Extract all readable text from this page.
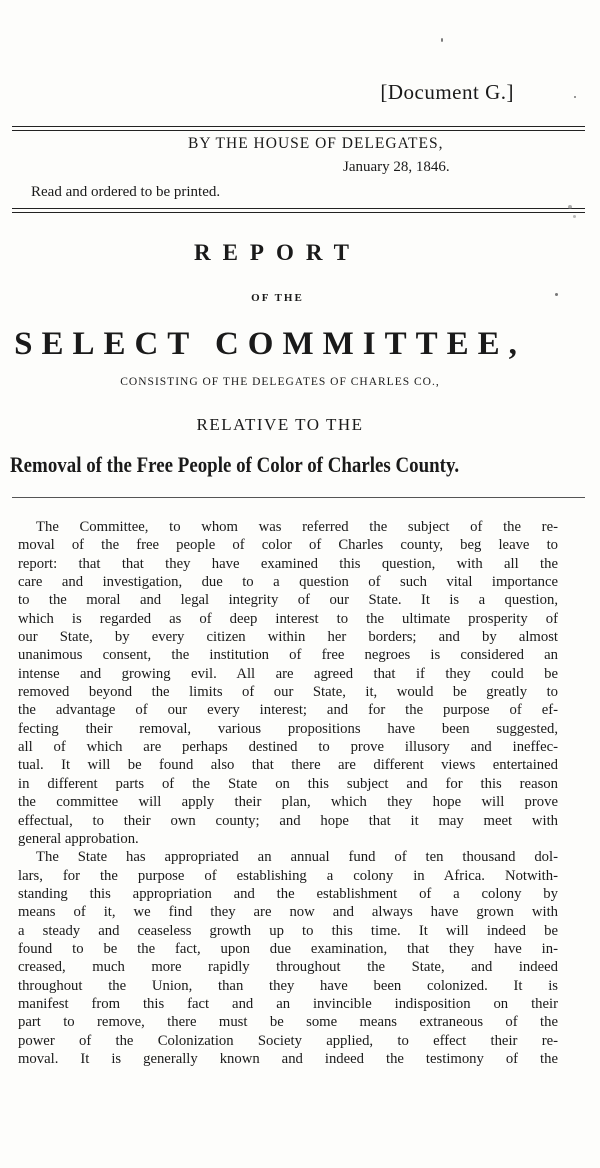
[Document G.]
BY THE HOUSE OF DELEGATES,
January 28, 1846.
Read and ordered to be printed.
REPORT
OF THE
SELECT COMMITTEE,
CONSISTING OF THE DELEGATES OF CHARLES CO.,
RELATIVE TO THE
Removal of the Free People of Color of Charles County.
The Committee, to whom was referred the subject of the re-
moval of the free people of color of Charles county, beg leave to
report: that that they have examined this question, with all the
care and investigation, due to a question of such vital importance
to the moral and legal integrity of our State. It is a question,
which is regarded as of deep interest to the ultimate prosperity of
our State, by every citizen within her borders; and by almost
unanimous consent, the institution of free negroes is considered an
intense and growing evil. All are agreed that if they could be
removed beyond the limits of our State, it, would be greatly to
the advantage of our every interest; and for the purpose of ef-
fecting their removal, various propositions have been suggested,
all of which are perhaps destined to prove illusory and ineffec-
tual. It will be found also that there are different views entertained
in different parts of the State on this subject and for this reason
the committee will apply their plan, which they hope will prove
effectual, to their own county; and hope that it may meet with
general approbation.
The State has appropriated an annual fund of ten thousand dol-
lars, for the purpose of establishing a colony in Africa. Notwith-
standing this appropriation and the establishment of a colony by
means of it, we find they are now and always have grown with
a steady and ceaseless growth up to this time. It will indeed be
found to be the fact, upon due examination, that they have in-
creased, much more rapidly throughout the State, and indeed
throughout the Union, than they have been colonized. It is
manifest from this fact and an invincible indisposition on their
part to remove, there must be some means extraneous of the
power of the Colonization Society applied, to effect their re-
moval. It is generally known and indeed the testimony of the
